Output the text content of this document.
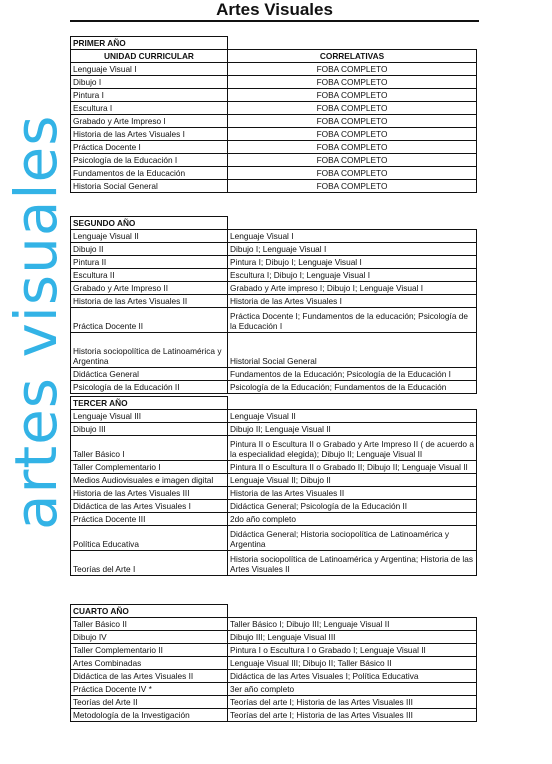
artes visuales
Artes Visuales
PRIMER AÑO	
UNIDAD CURRICULAR	CORRELATIVAS
Lenguaje Visual I	FOBA COMPLETO
Dibujo I	FOBA COMPLETO
Pintura I	FOBA COMPLETO
Escultura I	FOBA COMPLETO
Grabado y Arte Impreso I	FOBA COMPLETO
Historia de las Artes Visuales I	FOBA COMPLETO
Práctica Docente I	FOBA COMPLETO
Psicología de la Educación I	FOBA COMPLETO
Fundamentos de la Educación	FOBA COMPLETO
Historia Social General	FOBA COMPLETO
SEGUNDO AÑO	
Lenguaje Visual II	Lenguaje Visual I
Dibujo II	Dibujo I; Lenguaje Visual I
Pintura II	Pintura I; Dibujo I; Lenguaje Visual I
Escultura II	Escultura I; Dibujo I; Lenguaje Visual I
Grabado y Arte Impreso II	Grabado y Arte impreso I; Dibujo I; Lenguaje Visual I
Historia de las Artes Visuales II	Historia de las Artes Visuales I
Práctica Docente II	Práctica Docente I; Fundamentos de la educación; Psicología de la Educación I
Historia sociopolítica de Latinoamérica y Argentina	Historial Social General
Didáctica General	Fundamentos de la Educación; Psicología de la Educación I
Psicología de la Educación II	Psicología de la Educación; Fundamentos de la Educación
TERCER AÑO	
Lenguaje Visual III	Lenguaje Visual II
Dibujo III	Dibujo II; Lenguaje Visual II
Taller Básico I	Pintura II o Escultura II o Grabado y Arte Impreso II ( de acuerdo a la especialidad elegida); Dibujo II; Lenguaje Visual II
Taller Complementario I	Pintura II o Escultura II o Grabado II; Dibujo II; Lenguaje Visual II
Medios Audiovisuales e imagen digital	Lenguaje Visual II; Dibujo II
Historia de las Artes Visuales III	Historia de las Artes Visuales II
Didáctica de las Artes Visuales I	Didáctica General; Psicología de la Educación II
Práctica Docente III	2do año completo
Política Educativa	Didáctica General; Historia sociopolítica de Latinoamérica y Argentina
Teorías del Arte I	Historia sociopolítica de Latinoamérica y Argentina; Historia de las Artes Visuales II
CUARTO AÑO	
Taller Básico II	Taller Básico I; Dibujo III; Lenguaje Visual II
Dibujo IV	Dibujo III; Lenguaje Visual III
Taller Complementario II	Pintura I o Escultura I o Grabado I; Lenguaje Visual II
Artes Combinadas	Lenguaje Visual III; Dibujo II; Taller Básico II
Didáctica de las Artes Visuales II	Didáctica de las Artes Visuales I; Política Educativa
Práctica Docente IV *	3er año completo
Teorías del Arte II	Teorías del arte I; Historia de las Artes Visuales III
Metodología de la Investigación	Teorías del arte I; Historia de las Artes Visuales III
